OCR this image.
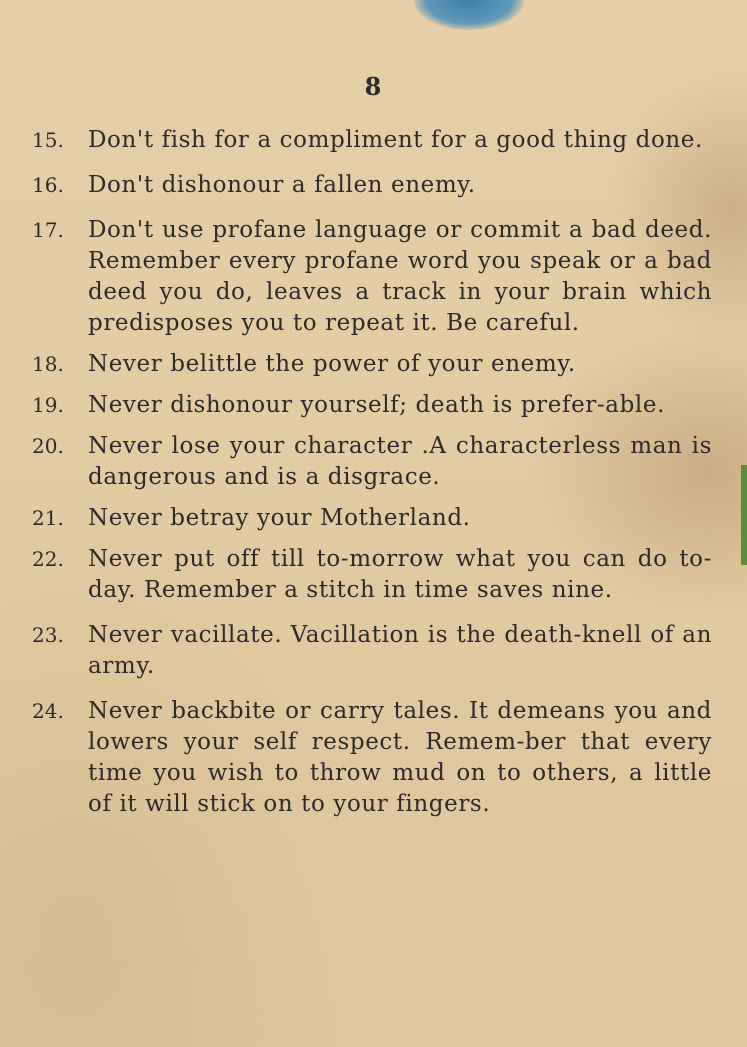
8
15.	Don't fish for a compliment for a good thing done.
16.	Don't dishonour a fallen enemy.
17.	Don't use profane language or commit a bad deed. Remember every profane word you speak or a bad deed you do, leaves a track in your brain which predisposes you to repeat it. Be careful.
18.	Never belittle the power of your enemy.
19.	Never dishonour yourself; death is prefer-able.
20.	Never lose your character .A characterless man is dangerous and is a disgrace.
21.	Never betray your Motherland.
22.	Never put off till to-morrow what you can do to-day. Remember a stitch in time saves nine.
23.	Never vacillate. Vacillation is the death-knell of an army.
24.	Never backbite or carry tales. It demeans you and lowers your self respect. Remem-ber that every time you wish to throw mud on to others, a little of it will stick on to your fingers.
